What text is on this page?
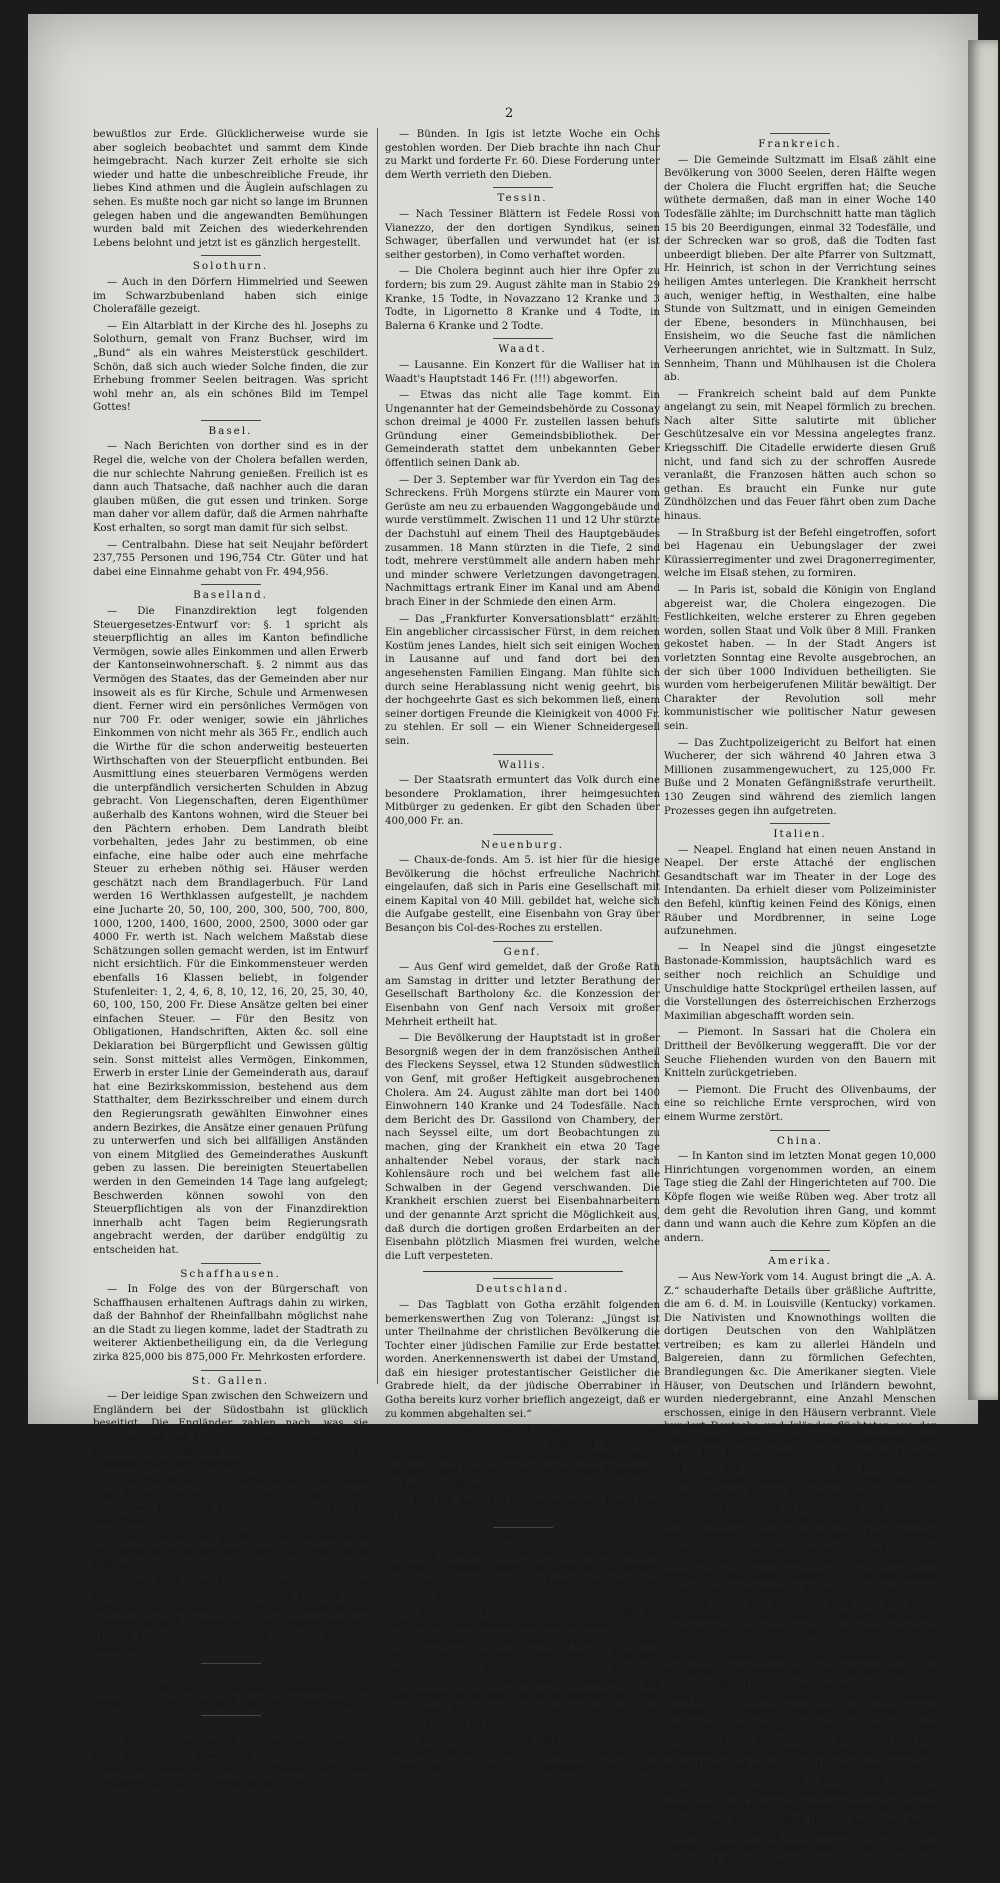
2

bewußtlos zur Erde. Glücklicherweise wurde sie aber sogleich beobachtet und sammt dem Kinde heimgebracht. Nach kurzer Zeit erholte sie sich wieder und hatte die unbeschreibliche Freude, ihr liebes Kind athmen und die Äuglein aufschlagen zu sehen. Es mußte noch gar nicht so lange im Brunnen gelegen haben und die angewandten Bemühungen wurden bald mit Zeichen des wiederkehrenden Lebens belohnt und jetzt ist es gänzlich hergestellt.

Solothurn.

— Auch in den Dörfern Himmelried und Seewen im Schwarzbubenland haben sich einige Cholerafälle gezeigt.

— Ein Altarblatt in der Kirche des hl. Josephs zu Solothurn, gemalt von Franz Buchser, wird im „Bund“ als ein wahres Meisterstück geschildert. Schön, daß sich auch wieder Solche finden, die zur Erhebung frommer Seelen beitragen. Was spricht wohl mehr an, als ein schönes Bild im Tempel Gottes!

Basel.

— Nach Berichten von dorther sind es in der Regel die, welche von der Cholera befallen werden, die nur schlechte Nahrung genießen. Freilich ist es dann auch Thatsache, daß nachher auch die daran glauben müßen, die gut essen und trinken. Sorge man daher vor allem dafür, daß die Armen nahrhafte Kost erhalten, so sorgt man damit für sich selbst.

— Centralbahn. Diese hat seit Neujahr befördert 237,755 Personen und 196,754 Ctr. Güter und hat dabei eine Einnahme gehabt von Fr. 494,956.

Baselland.

— Die Finanzdirektion legt folgenden Steuergesetzes-Entwurf vor: §. 1 spricht als steuerpflichtig an alles im Kanton befindliche Vermögen, sowie alles Einkommen und allen Erwerb der Kantonseinwohnerschaft. §. 2 nimmt aus das Vermögen des Staates, das der Gemeinden aber nur insoweit als es für Kirche, Schule und Armenwesen dient. Ferner wird ein persönliches Vermögen von nur 700 Fr. oder weniger, sowie ein jährliches Einkommen von nicht mehr als 365 Fr., endlich auch die Wirthe für die schon anderweitig besteuerten Wirthschaften von der Steuerpflicht entbunden. Bei Ausmittlung eines steuerbaren Vermögens werden die unterpfändlich versicherten Schulden in Abzug gebracht. Von Liegenschaften, deren Eigenthümer außerhalb des Kantons wohnen, wird die Steuer bei den Pächtern erhoben. Dem Landrath bleibt vorbehalten, jedes Jahr zu bestimmen, ob eine einfache, eine halbe oder auch eine mehrfache Steuer zu erheben nöthig sei. Häuser werden geschätzt nach dem Brandlagerbuch. Für Land werden 16 Werthklassen aufgestellt, je nachdem eine Jucharte 20, 50, 100, 200, 300, 500, 700, 800, 1000, 1200, 1400, 1600, 2000, 2500, 3000 oder gar 4000 Fr. werth ist. Nach welchem Maßstab diese Schätzungen sollen gemacht werden, ist im Entwurf nicht ersichtlich. Für die Einkommensteuer werden ebenfalls 16 Klassen beliebt, in folgender Stufenleiter: 1, 2, 4, 6, 8, 10, 12, 16, 20, 25, 30, 40, 60, 100, 150, 200 Fr. Diese Ansätze gelten bei einer einfachen Steuer. — Für den Besitz von Obligationen, Handschriften, Akten &c. soll eine Deklaration bei Bürgerpflicht und Gewissen gültig sein. Sonst mittelst alles Vermögen, Einkommen, Erwerb in erster Linie der Gemeinderath aus, darauf hat eine Bezirkskommission, bestehend aus dem Statthalter, dem Bezirksschreiber und einem durch den Regierungsrath gewählten Einwohner eines andern Bezirkes, die Ansätze einer genauen Prüfung zu unterwerfen und sich bei allfälligen Anständen von einem Mitglied des Gemeinderathes Auskunft geben zu lassen. Die bereinigten Steuertabellen werden in den Gemeinden 14 Tage lang aufgelegt; Beschwerden können sowohl von den Steuerpflichtigen als von der Finanzdirektion innerhalb acht Tagen beim Regierungsrath angebracht werden, der darüber endgültig zu entscheiden hat.

Schaffhausen.

— In Folge des von der Bürgerschaft von Schaffhausen erhaltenen Auftrags dahin zu wirken, daß der Bahnhof der Rheinfallbahn möglichst nahe an die Stadt zu liegen komme, ladet der Stadtrath zu weiterer Aktienbetheiligung ein, da die Verlegung zirka 825,000 bis 875,000 Fr. Mehrkosten erfordere.

St. Gallen.

— Der leidige Span zwischen den Schweizern und Engländern bei der Südostbahn ist glücklich beseitigt. Die Engländer zahlen nach, was sie schuldig sind und haben sich dazu verstanden, bei künftigen Streitigkeiten den Hrn. Dr. Weder als Schiedsrichter anzuerkennen.

— Das Bezirksgericht Untertoggenburg hat einen ungl. Weiber, Hugentobler, zu einer Gefängnißstrafe von sieben Tagen und einer Geldbuße von 100 Fr. verurtheilt.

— Der Schaden, den die Maul- und Klauenseuche im Toggenburg angerichtet, wird auf eine halbe Million angeschlagen.

— Das Maß des Unglücks bei den großen Wasserverheerungen in Steinach und Goldach vom vorlezten Sonntag war noch nicht voll, indem letzten Donnerstag auch Niederuzwil, Untertoggenburg und Thal im Unterrheinthal von ganz gleichem Unglück heimgesucht.

Thurgau.

— Ein 3jähriger in Hauptwil erzogener Ochse wiegt 25 Ctr. und geht nach Paris zur Ausstellung.

Graubünden.

— Am 30. August um 9 Uhr und Nachmittags 2 Uhr haben sich wieder ob Felsberg ziemliche Felsblöcke gelöst und sind mit großem Lärm und Staubgewölke auf die Ebene hinunter gerollt.

— Bünden. In Igis ist letzte Woche ein Ochs gestohlen worden. Der Dieb brachte ihn nach Chur zu Markt und forderte Fr. 60. Diese Forderung unter dem Werth verrieth den Dieben.

Tessin.

— Nach Tessiner Blättern ist Fedele Rossi von Vianezzo, der den dortigen Syndikus, seinen Schwager, überfallen und verwundet hat (er ist seither gestorben), in Como verhaftet worden.

— Die Cholera beginnt auch hier ihre Opfer zu fordern; bis zum 29. August zählte man in Stabio 29 Kranke, 15 Todte, in Novazzano 12 Kranke und 3 Todte, in Ligornetto 8 Kranke und 4 Todte, in Balerna 6 Kranke und 2 Todte.

Waadt.

— Lausanne. Ein Konzert für die Walliser hat in Waadt's Hauptstadt 146 Fr. (!!!) abgeworfen.

— Etwas das nicht alle Tage kommt. Ein Ungenannter hat der Gemeindsbehörde zu Cossonay schon dreimal je 4000 Fr. zustellen lassen behufs Gründung einer Gemeindsbibliothek. Der Gemeinderath stattet dem unbekannten Geber öffentlich seinen Dank ab.

— Der 3. September war für Yverdon ein Tag des Schreckens. Früh Morgens stürzte ein Maurer vom Gerüste am neu zu erbauenden Waggongebäude und wurde verstümmelt. Zwischen 11 und 12 Uhr stürzte der Dachstuhl auf einem Theil des Hauptgebäudes zusammen. 18 Mann stürzten in die Tiefe, 2 sind todt, mehrere verstümmelt alle andern haben mehr und minder schwere Verletzungen davongetragen. Nachmittags ertrank Einer im Kanal und am Abend brach Einer in der Schmiede den einen Arm.

— Das „Frankfurter Konversationsblatt“ erzählt: Ein angeblicher circassischer Fürst, in dem reichen Kostüm jenes Landes, hielt sich seit einigen Wochen in Lausanne auf und fand dort bei den angesehensten Familien Eingang. Man fühlte sich durch seine Herablassung nicht wenig geehrt, bis der hochgeehrte Gast es sich bekommen ließ, einem seiner dortigen Freunde die Kleinigkeit von 4000 Fr. zu stehlen. Er soll — ein Wiener Schneidergesell sein.

Wallis.

— Der Staatsrath ermuntert das Volk durch eine besondere Proklamation, ihrer heimgesuchten Mitbürger zu gedenken. Er gibt den Schaden über 400,000 Fr. an.

Neuenburg.

— Chaux-de-fonds. Am 5. ist hier für die hiesige Bevölkerung die höchst erfreuliche Nachricht eingelaufen, daß sich in Paris eine Gesellschaft mit einem Kapital von 40 Mill. gebildet hat, welche sich die Aufgabe gestellt, eine Eisenbahn von Gray über Besançon bis Col-des-Roches zu erstellen.

Genf.

— Aus Genf wird gemeldet, daß der Große Rath am Samstag in dritter und letzter Berathung der Gesellschaft Bartholony &c. die Konzession der Eisenbahn von Genf nach Versoix mit großer Mehrheit ertheilt hat.

— Die Bevölkerung der Hauptstadt ist in großer Besorgniß wegen der in dem französischen Antheil des Fleckens Seyssel, etwa 12 Stunden südwestlich von Genf, mit großer Heftigkeit ausgebrochenen Cholera. Am 24. August zählte man dort bei 1400 Einwohnern 140 Kranke und 24 Todesfälle. Nach dem Bericht des Dr. Gassilond von Chambery, der nach Seyssel eilte, um dort Beobachtungen zu machen, ging der Krankheit ein etwa 20 Tage anhaltender Nebel voraus, der stark nach Kohlensäure roch und bei welchem fast alle Schwalben in der Gegend verschwanden. Die Krankheit erschien zuerst bei Eisenbahnarbeitern und der genannte Arzt spricht die Möglichkeit aus, daß durch die dortigen großen Erdarbeiten an der Eisenbahn plötzlich Miasmen frei wurden, welche die Luft verpesteten.

Deutschland.

— Das Tagblatt von Gotha erzählt folgenden bemerkenswerthen Zug von Toleranz: „Jüngst ist unter Theilnahme der christlichen Bevölkerung die Tochter einer jüdischen Familie zur Erde bestattet worden. Anerkennenswerth ist dabei der Umstand, daß ein hiesiger protestantischer Geistlicher die Grabrede hielt, da der jüdische Oberrabiner in Gotha bereits kurz vorher brieflich angezeigt, daß er zu kommen abgehalten sei.“

— In Stuttgart arbeitet vom Neujahr an eine Brodfabrik, in welcher der Teig mit Maschinen geknetet wird. Die Unternehmer (Gebrüder Völter) glauben einen Kreuzer unter den jetzigen Tagespreis verkaufen zu können.

— Den 24. Aug., am Bartholomäustag, trank man in Eßlingen neuen 1855er Wein.

Preußen.

— Die Regierung hat ein Cirkular an die Landräthe erlassen, worin sie dieselben auffordert, die Gunsten ministerieller Kandidaten bei den nächsten Kammerwahlen zu arbeiten.

— München, 1. Sept. Kleiner Abschlag auf geringe und neue Waare, alte fest gehalten.

— Kurhessen. In der Provinz Fulda ist in dem meist von Webern bewohnten Pfarrdorf Langenschwarz, Kreis Hünfeld, der wirkliche Hungertyphus ausgebrochen. Seitens der Staatsregierung ist ein Arzt dahin gesendet und eine Hülfe von 800 Rthlr. (!) bewilligt worden, um Nahrungsmittel zu kaufen.

— Ein österreichisches Blatt bezeichnet die durchschnittliche Ernte im ganzen Umfange der Monarchie als eine nicht ausgezeichnete, aber günstige.

Frankreich.

— Die Gemeinde Sultzmatt im Elsaß zählt eine Bevölkerung von 3000 Seelen, deren Hälfte wegen der Cholera die Flucht ergriffen hat; die Seuche wüthete dermaßen, daß man in einer Woche 140 Todesfälle zählte; im Durchschnitt hatte man täglich 15 bis 20 Beerdigungen, einmal 32 Todesfälle, und der Schrecken war so groß, daß die Todten fast unbeerdigt blieben. Der alte Pfarrer von Sultzmatt, Hr. Heinrich, ist schon in der Verrichtung seines heiligen Amtes unterlegen. Die Krankheit herrscht auch, weniger heftig, in Westhalten, eine halbe Stunde von Sultzmatt, und in einigen Gemeinden der Ebene, besonders in Münchhausen, bei Ensisheim, wo die Seuche fast die nämlichen Verheerungen anrichtet, wie in Sultzmatt. In Sulz, Sennheim, Thann und Mühlhausen ist die Cholera ab.

— Frankreich scheint bald auf dem Punkte angelangt zu sein, mit Neapel förmlich zu brechen. Nach alter Sitte salutirte mit üblicher Geschützesalve ein vor Messina angelegtes franz. Kriegsschiff. Die Citadelle erwiderte diesen Gruß nicht, und fand sich zu der schroffen Ausrede veranlaßt, die Franzosen hätten auch schon so gethan. Es braucht ein Funke nur gute Zündhölzchen und das Feuer fährt oben zum Dache hinaus.

— In Straßburg ist der Befehl eingetroffen, sofort bei Hagenau ein Uebungslager der zwei Kürassierregimenter und zwei Dragonerregimenter, welche im Elsaß stehen, zu formiren.

— In Paris ist, sobald die Königin von England abgereist war, die Cholera eingezogen. Die Festlichkeiten, welche ersterer zu Ehren gegeben worden, sollen Staat und Volk über 8 Mill. Franken gekostet haben. — In der Stadt Angers ist vorletzten Sonntag eine Revolte ausgebrochen, an der sich über 1000 Individuen betheiligten. Sie wurden vom herbeigerufenen Militär bewältigt. Der Charakter der Revolution soll mehr kommunistischer wie politischer Natur gewesen sein.

— Das Zuchtpolizeigericht zu Belfort hat einen Wucherer, der sich während 40 Jahren etwa 3 Millionen zusammengewuchert, zu 125,000 Fr. Buße und 2 Monaten Gefängnißstrafe verurtheilt. 130 Zeugen sind während des ziemlich langen Prozesses gegen ihn aufgetreten.

Italien.

— Neapel. England hat einen neuen Anstand in Neapel. Der erste Attaché der englischen Gesandtschaft war im Theater in der Loge des Intendanten. Da erhielt dieser vom Polizeiminister den Befehl, künftig keinen Feind des Königs, einen Räuber und Mordbrenner, in seine Loge aufzunehmen.

— In Neapel sind die jüngst eingesetzte Bastonade-Kommission, hauptsächlich ward es seither noch reichlich an Schuldige und Unschuldige hatte Stockprügel ertheilen lassen, auf die Vorstellungen des österreichischen Erzherzogs Maximilian abgeschafft worden sein.

— Piemont. In Sassari hat die Cholera ein Drittheil der Bevölkerung weggerafft. Die vor der Seuche Fliehenden wurden von den Bauern mit Knitteln zurückgetrieben.

— Piemont. Die Frucht des Olivenbaums, der eine so reichliche Ernte versprochen, wird von einem Wurme zerstört.

China.

— In Kanton sind im letzten Monat gegen 10,000 Hinrichtungen vorgenommen worden, an einem Tage stieg die Zahl der Hingerichteten auf 700. Die Köpfe flogen wie weiße Rüben weg. Aber trotz all dem geht die Revolution ihren Gang, und kommt dann und wann auch die Kehre zum Köpfen an die andern.

Amerika.

— Aus New-York vom 14. August bringt die „A. A. Z.“ schauderhafte Details über gräßliche Auftritte, die am 6. d. M. in Louisville (Kentucky) vorkamen. Die Nativisten und Knownothings wollten die dortigen Deutschen von den Wahlplätzen vertreiben; es kam zu allerlei Händeln und Balgereien, dann zu förmlichen Gefechten, Brandlegungen &c. Die Amerikaner siegten. Viele Häuser, von Deutschen und Irländern bewohnt, wurden niedergebrannt, eine Anzahl Menschen erschossen, einige in den Häusern verbrannt. Viele hundert Deutsche und Irländer flüchteten aus der Stadt; jede Gesetzlichkeit schien überliefert der Stadt. Ein Haufen Bewaffneter mit einer Kanone zog nach der Jeffersonstraße und plünderte die große Brauerei eines gewissen Armbruster in Brand. Sie soll ihm 25,000 Dollars gekostet und er überdieß 1200 Dollars in Gold, Silber und Papieren; durch das Feuer eingebüßt haben. Die Arbeiter in der Brauerei wurden verwundet. Als Vorwand dieser Zerstörung ward angegeben, daß aus der Brauerei auf Amerikaner, die einen Deutschen verfolgten, geschossen worden. An eine anstoßende Brauerei ward verwegend Feuer gelegt, eine Fabrik demolirt und ein gewisser Fritz in die Brust geschossen. Einige andere Häuser deutscher Familien wurden beschädigt und zwei deutsche Läden geplündert. Außerdem wurden verschiedene Gebäude niedergebrannt, und mehrere Deutsche mißhandelt und verwundet. Ein Irländer ward von einem großen Haufen Amerikaner wie ein wildes Thier gejagt und geschossen. Er starb am folgenden Morgen. Ein anderer Irländer, der friedlich am Courthaus vorüberging, ward von einigen halbbetrunkenen Knownothings angefallen und mit schweren Knitteln furchtbar zerschlagen, sowie mit einer Heugabel verwundet. Hierauf ward er noch obendrein in Gefängniß gesetzt. Im untern, vorzüglich von Irländern bewohnten Theil der Stadt begannen die Mord- und Brandscenen am späten Nachmittag. Wer dieselben thätlich begonnen habe, ist noch nicht völlig entschieden. Gegen 8 Uhr Abends ward der Häuserblock an der Ecke der Main- und elften Straße (vorzüglich von Irländern bewohnt)
